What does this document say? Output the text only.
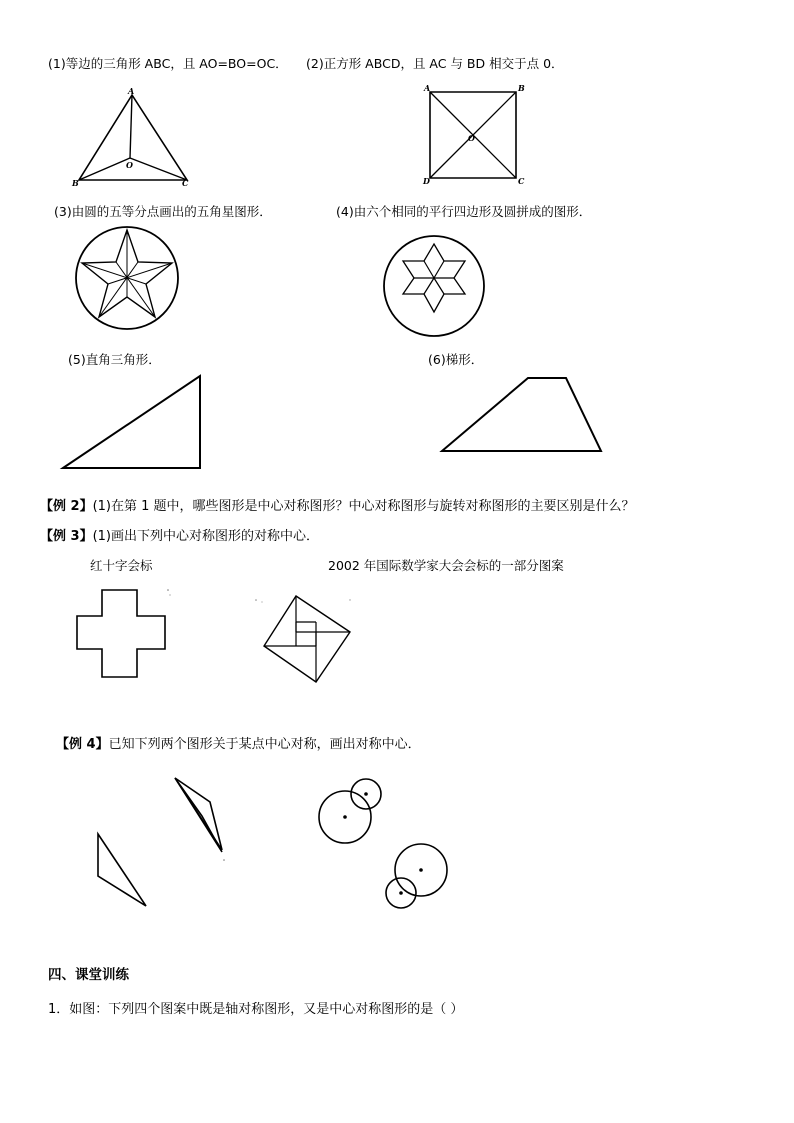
(1)等边的三角形 ABC，且 AO=BO=OC． (2)正方形 ABCD，且 AC 与 BD 相交于点 0．
A
B	C
O
A	B
C
D
O
(3)由圆的五等分点画出的五角星图形．	(4)由六个相同的平行四边形及圆拼成的图形．
(5)直角三角形．	(6)梯形．
【例 2】(1)在第 1 题中，哪些图形是中心对称图形？中心对称图形与旋转对称图形的主要区别是什么？
【例 3】(1)画出下列中心对称图形的对称中心．
红十字会标	2002 年国际数学家大会会标的一部分图案
【例 4】已知下列两个图形关于某点中心对称，画出对称中心．
四、课堂训练
1．如图：下列四个图案中既是轴对称图形，又是中心对称图形的是（ ）
